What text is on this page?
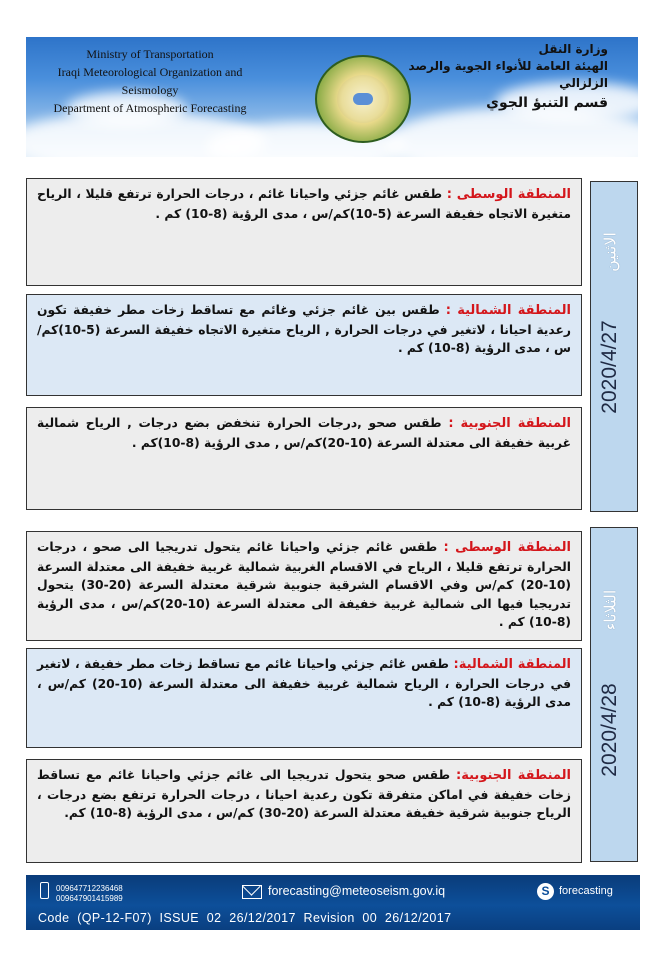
Ministry of Transportation
Iraqi Meteorological Organization and Seismology
Department of Atmospheric Forecasting
وزارة النقل
الهيئة العامة للأنواء الجوية والرصد الزلزالي
قسم التنبؤ الجوي
2020/4/27
الاثنين
المنطقة الوسطى : طقس غائم جزئي واحيانا غائم ، درجات الحرارة ترتفع قليلا ، الرياح متغيرة الاتجاه خفيفة السرعة (5-10)كم/س ، مدى الرؤية (8-10) كم .
المنطقة الشمالية : طقس بين غائم جزئي وغائم مع تساقط زخات مطر خفيفة تكون رعدية احيانا ، لاتغير في درجات الحرارة , الرياح متغيرة الاتجاه خفيفة السرعة (5-10)كم/س ، مدى الرؤية (8-10) كم .
المنطقة الجنوبية : طقس صحو ,درجات الحرارة تنخفض بضع درجات , الرياح شمالية غربية خفيفة الى معتدلة السرعة (10-20)كم/س , مدى الرؤية (8-10)كم .
2020/4/28
الثلاثاء
المنطقة الوسطى : طقس غائم جزئي واحيانا غائم يتحول تدريجيا الى صحو ، درجات الحرارة ترتفع قليلا ، الرياح في الاقسام الغربية شمالية غربية خفيفة الى معتدلة السرعة (10-20) كم/س وفي الاقسام الشرقية جنوبية شرقية معتدلة السرعة (20-30) يتحول تدريجيا فيها الى شمالية غربية خفيفة الى معتدلة السرعة (10-20)كم/س ، مدى الرؤية (8-10) كم .
المنطقة الشمالية: طقس غائم جزئي واحيانا غائم مع تساقط زخات مطر خفيفة ، لاتغير في درجات الحرارة ، الرياح شمالية غربية خفيفة الى معتدلة السرعة (10-20) كم/س ، مدى الرؤية (8-10) كم .
المنطقة الجنوبية: طقس صحو يتحول تدريجيا الى غائم جزئي واحيانا غائم مع تساقط زخات خفيفة في اماكن متفرقة تكون رعدية احيانا ، درجات الحرارة ترتفع بضع درجات ، الرياح جنوبية شرقية خفيفة معتدلة السرعة (20-30) كم/س ، مدى الرؤية (8-10) كم.
009647712236468
009647901415989
forecasting@meteoseism.gov.iq	S forecasting
Code  (QP-12-F07)  ISSUE  02  26/12/2017  Revision  00  26/12/2017
